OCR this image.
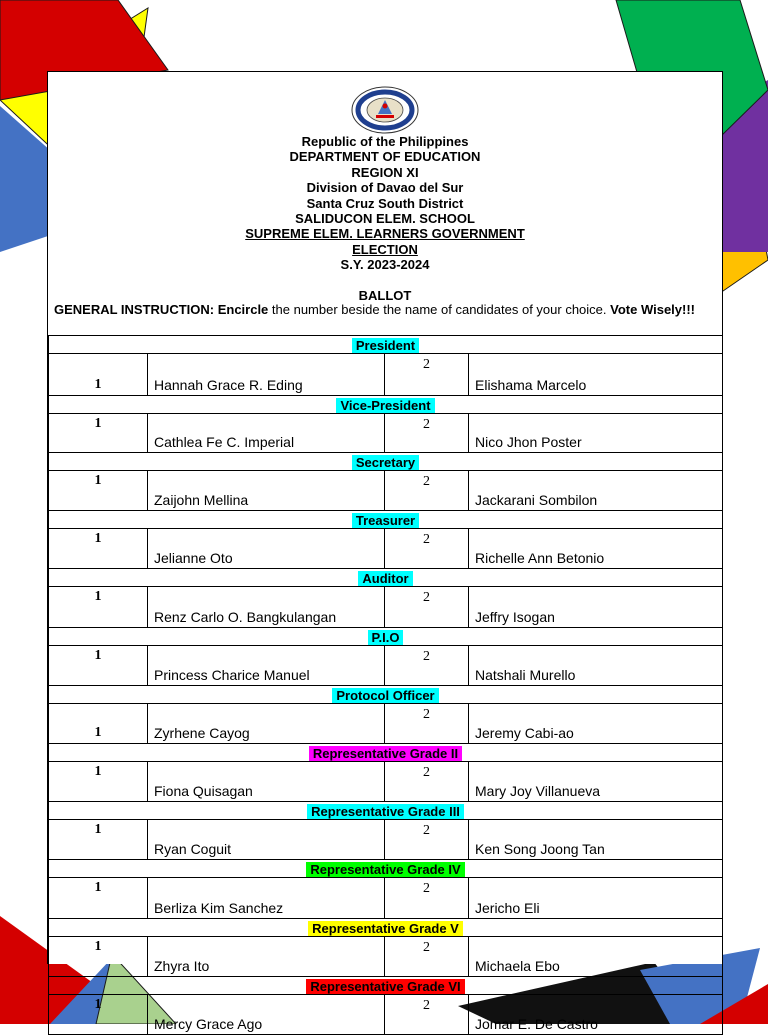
Republic of the Philippines
DEPARTMENT OF EDUCATION
REGION XI
Division of Davao del Sur
Santa Cruz South District
SALIDUCON ELEM. SCHOOL
SUPREME ELEM. LEARNERS GOVERNMENT
ELECTION
S.Y. 2023-2024
BALLOT
GENERAL INSTRUCTION: Encircle the number beside the name of candidates of your choice. Vote Wisely!!!
President			
1	Hannah Grace R. Eding	2	Elishama Marcelo
Vice-President			
1	Cathlea Fe C. Imperial	2	Nico Jhon Poster
Secretary			
1	Zaijohn Mellina	2	Jackarani Sombilon
Treasurer			
1	Jelianne Oto	2	Richelle Ann Betonio
Auditor			
1	Renz Carlo O. Bangkulangan	2	Jeffry Isogan
P.I.O			
1	Princess Charice Manuel	2	Natshali Murello
Protocol Officer			
1	Zyrhene Cayog	2	Jeremy Cabi-ao
Representative Grade II			
1	Fiona Quisagan	2	Mary Joy Villanueva
Representative Grade III			
1	Ryan Coguit	2	Ken Song Joong Tan
Representative Grade IV			
1	Berliza Kim Sanchez	2	Jericho Eli
Representative Grade V			
1	Zhyra Ito	2	Michaela Ebo
Representative Grade VI			
1	Mercy Grace Ago	2	Jomar E. De Castro
